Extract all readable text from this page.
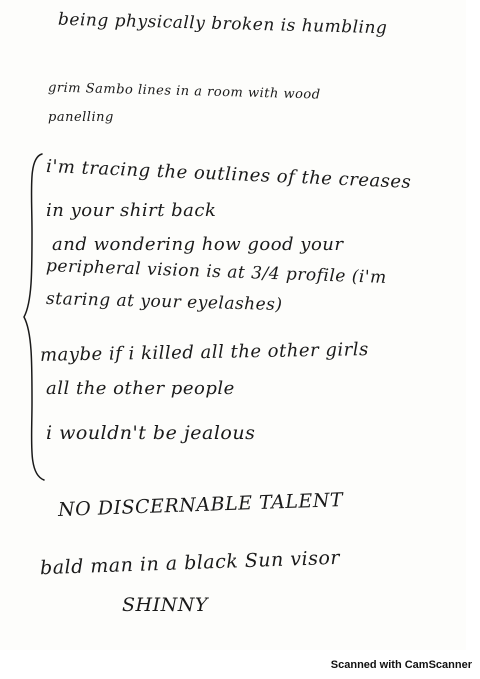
being physically broken is humbling
grim Sambo lines in a room with wood
panelling
i'm tracing the outlines of the creases
in your shirt back
and wondering how good your
peripheral vision is at 3/4 profile (i'm
staring at your eyelashes)
maybe if i killed all the other girls
all the other people
i wouldn't be jealous
NO DISCERNABLE TALENT
bald man in a black Sun visor
SHINNY
Scanned with CamScanner
